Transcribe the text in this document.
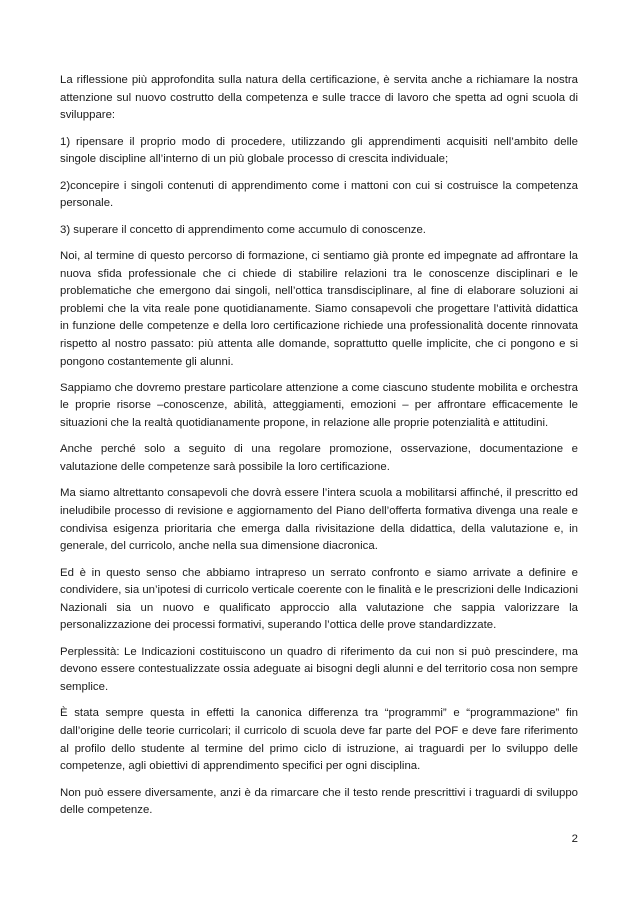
La riflessione più approfondita sulla natura della certificazione, è servita anche a richiamare la nostra attenzione sul nuovo costrutto della competenza e sulle tracce di lavoro che spetta ad ogni scuola di sviluppare:

1) ripensare il proprio modo di procedere, utilizzando gli apprendimenti acquisiti nell’ambito delle singole discipline all’interno di un più globale processo di crescita individuale;

2)concepire i singoli contenuti di apprendimento come i mattoni con cui si costruisce la competenza personale.

3) superare il concetto di apprendimento come accumulo di conoscenze.

Noi, al termine di questo percorso di formazione, ci sentiamo già pronte ed impegnate ad affrontare la nuova sfida professionale che ci chiede di stabilire relazioni tra le conoscenze disciplinari e le problematiche che emergono dai singoli, nell’ottica transdisciplinare, al fine di elaborare soluzioni ai problemi che la vita reale pone quotidianamente. Siamo consapevoli che progettare l’attività didattica in funzione delle competenze e della loro certificazione richiede una professionalità docente rinnovata rispetto al nostro passato: più attenta alle domande, soprattutto quelle implicite, che ci pongono e si pongono costantemente gli alunni.

Sappiamo che dovremo prestare particolare attenzione a come ciascuno studente mobilita e orchestra le proprie risorse –conoscenze, abilità, atteggiamenti, emozioni – per affrontare efficacemente le situazioni che la realtà quotidianamente propone, in relazione alle proprie potenzialità e attitudini.

Anche perché solo a seguito di una regolare promozione, osservazione, documentazione e valutazione delle competenze sarà possibile la loro certificazione.

Ma siamo altrettanto consapevoli che dovrà essere l’intera scuola a mobilitarsi affinché, il prescritto ed ineludibile processo di revisione e aggiornamento del Piano dell’offerta formativa divenga una reale e condivisa esigenza prioritaria che emerga dalla rivisitazione della didattica, della valutazione e, in generale, del curricolo, anche nella sua dimensione diacronica.

Ed è in questo senso che abbiamo intrapreso un serrato confronto e siamo arrivate a definire e condividere, sia un’ipotesi di curricolo verticale coerente con le finalità e le prescrizioni delle Indicazioni Nazionali sia un nuovo e qualificato approccio alla valutazione che sappia valorizzare la personalizzazione dei processi formativi, superando l’ottica delle prove standardizzate.

Perplessità: Le Indicazioni costituiscono un quadro di riferimento da cui non si può prescindere, ma devono essere contestualizzate ossia adeguate ai bisogni degli alunni e del territorio cosa non sempre semplice.

È stata sempre questa in effetti la canonica differenza tra “programmi” e “programmazione” fin dall’origine delle teorie curricolari; il curricolo di scuola deve far parte del POF e deve fare riferimento al profilo dello studente al termine del primo ciclo di istruzione, ai traguardi per lo sviluppo delle competenze, agli obiettivi di apprendimento specifici per ogni disciplina.

Non può essere diversamente, anzi è da rimarcare che il testo rende prescrittivi i traguardi di sviluppo delle competenze.

2
